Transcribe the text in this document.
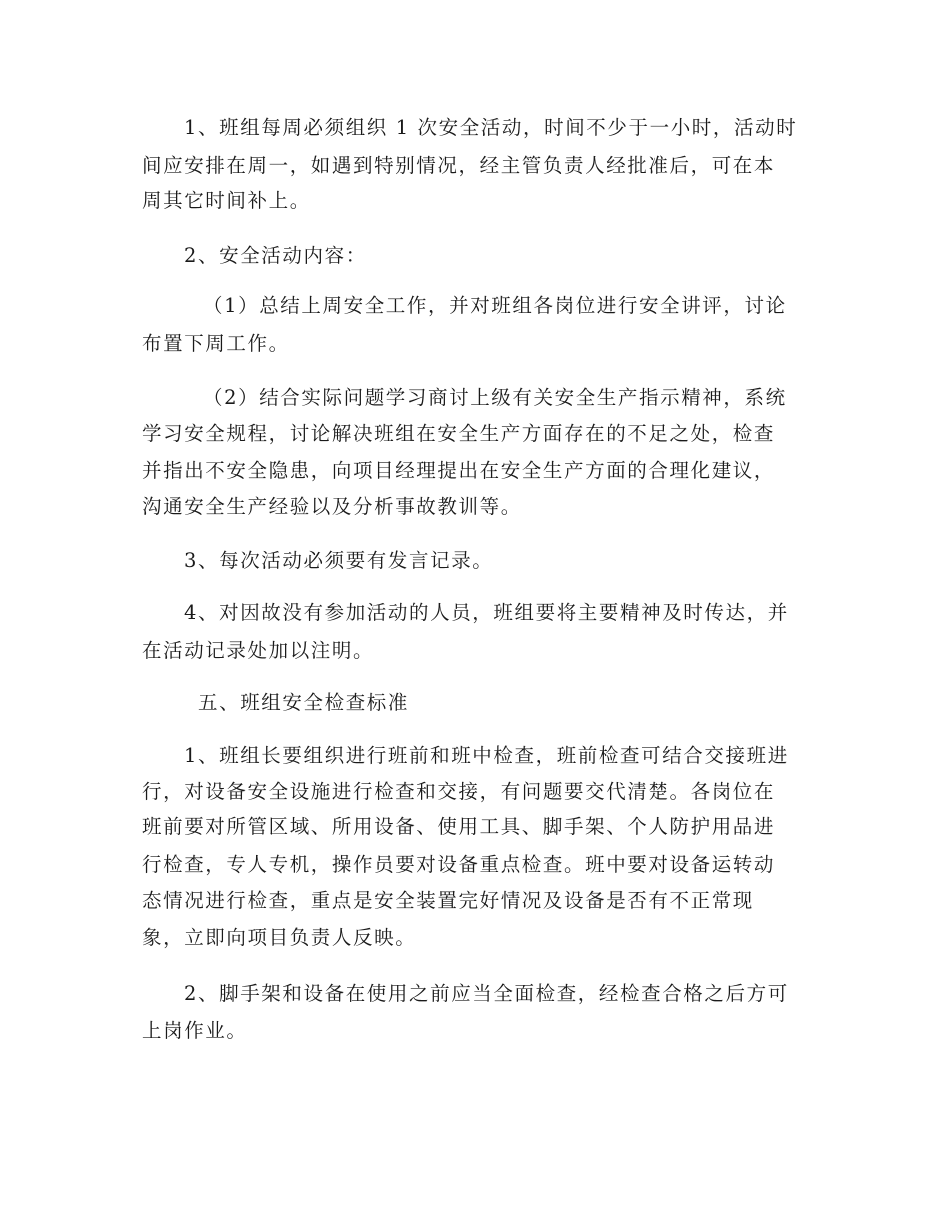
1、班组每周必须组织 1 次安全活动，时间不少于一小时，活动时
间应安排在周一，如遇到特别情况，经主管负责人经批准后，可在本
周其它时间补上。
2、安全活动内容：
（1）总结上周安全工作，并对班组各岗位进行安全讲评，讨论
布置下周工作。
（2）结合实际问题学习商讨上级有关安全生产指示精神，系统
学习安全规程，讨论解决班组在安全生产方面存在的不足之处，检查
并指出不安全隐患，向项目经理提出在安全生产方面的合理化建议，
沟通安全生产经验以及分析事故教训等。
3、每次活动必须要有发言记录。
4、对因故没有参加活动的人员，班组要将主要精神及时传达，并
在活动记录处加以注明。
五、班组安全检查标准
1、班组长要组织进行班前和班中检查，班前检查可结合交接班进
行，对设备安全设施进行检查和交接，有问题要交代清楚。各岗位在
班前要对所管区域、所用设备、使用工具、脚手架、个人防护用品进
行检查，专人专机，操作员要对设备重点检查。班中要对设备运转动
态情况进行检查，重点是安全装置完好情况及设备是否有不正常现
象，立即向项目负责人反映。
2、脚手架和设备在使用之前应当全面检查，经检查合格之后方可
上岗作业。
